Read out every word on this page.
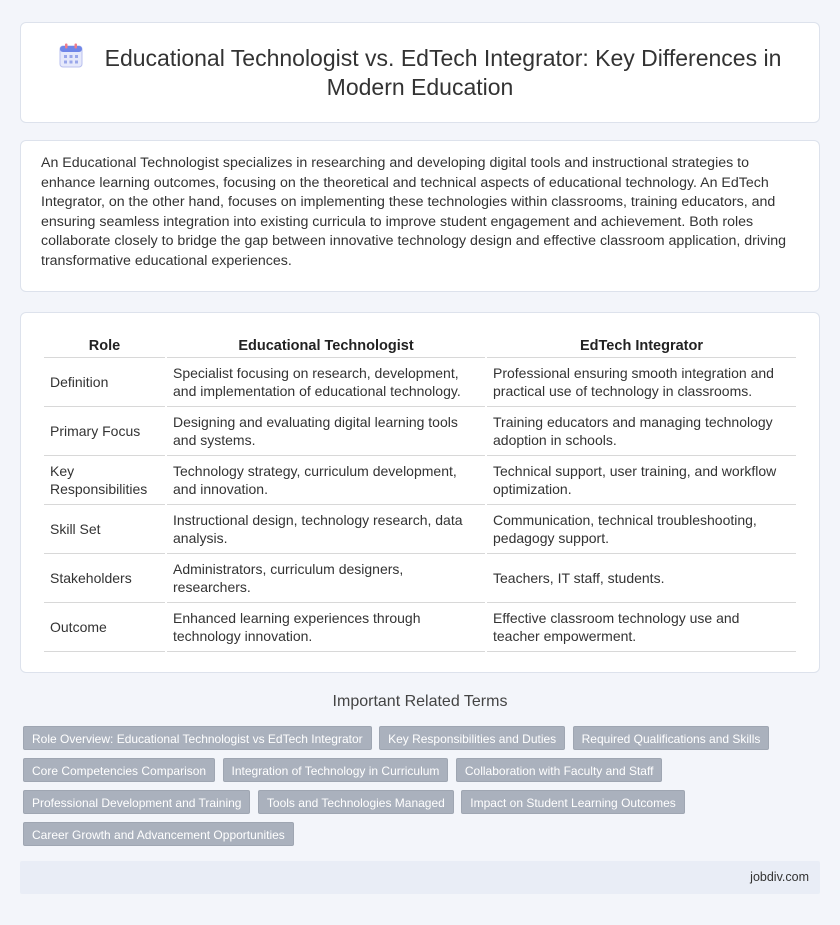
Educational Technologist vs. EdTech Integrator: Key Differences in Modern Education

An Educational Technologist specializes in researching and developing digital tools and instructional strategies to enhance learning outcomes, focusing on the theoretical and technical aspects of educational technology. An EdTech Integrator, on the other hand, focuses on implementing these technologies within classrooms, training educators, and ensuring seamless integration into existing curricula to improve student engagement and achievement. Both roles collaborate closely to bridge the gap between innovative technology design and effective classroom application, driving transformative educational experiences.

Role	Educational Technologist	EdTech Integrator
Definition	Specialist focusing on research, development, and implementation of educational technology.	Professional ensuring smooth integration and practical use of technology in classrooms.
Primary Focus	Designing and evaluating digital learning tools and systems.	Training educators and managing technology adoption in schools.
Key Responsibilities	Technology strategy, curriculum development, and innovation.	Technical support, user training, and workflow optimization.
Skill Set	Instructional design, technology research, data analysis.	Communication, technical troubleshooting, pedagogy support.
Stakeholders	Administrators, curriculum designers, researchers.	Teachers, IT staff, students.
Outcome	Enhanced learning experiences through technology innovation.	Effective classroom technology use and teacher empowerment.
Important Related Terms
Role Overview: Educational Technologist vs EdTech Integrator Key Responsibilities and Duties Required Qualifications and Skills
Core Competencies Comparison Integration of Technology in Curriculum Collaboration with Faculty and Staff
Professional Development and Training Tools and Technologies Managed Impact on Student Learning Outcomes
Career Growth and Advancement Opportunities
jobdiv.com
